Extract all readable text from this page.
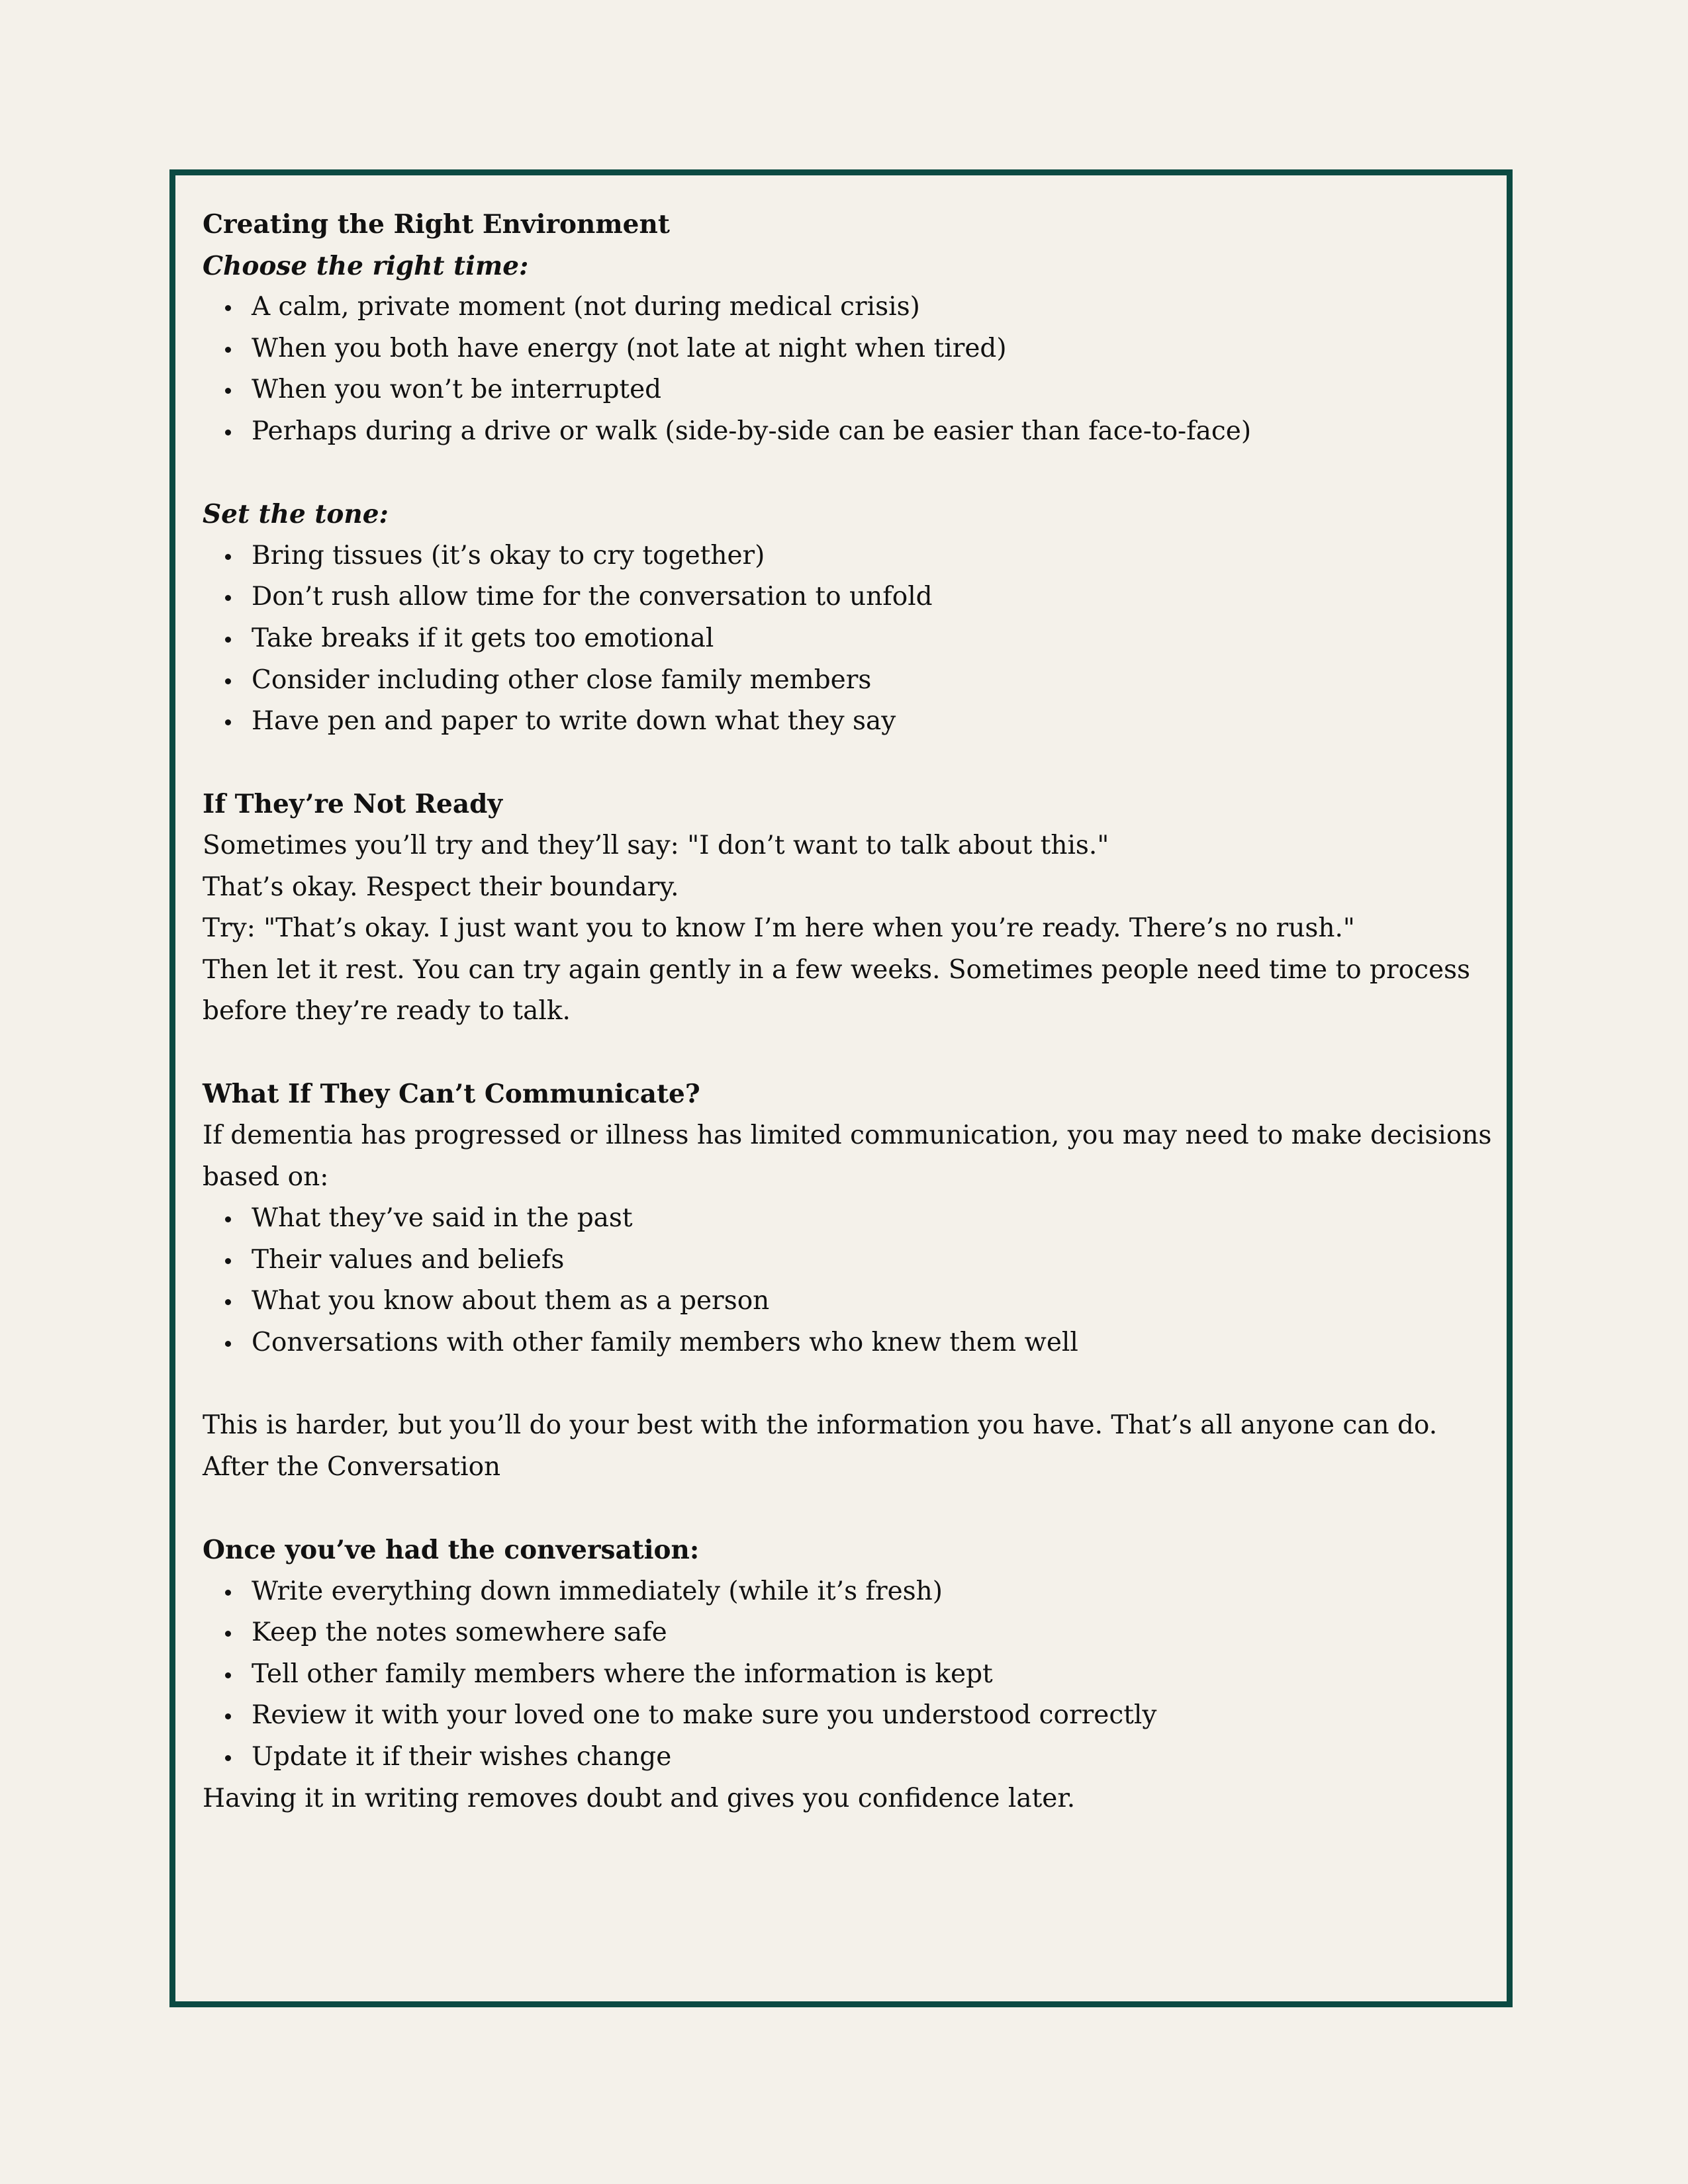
Creating the Right Environment

Choose the right time:

A calm, private moment (not during medical crisis)
When you both have energy (not late at night when tired)
When you won’t be interrupted
Perhaps during a drive or walk (side-by-side can be easier than face-to-face)

Set the tone:

Bring tissues (it’s okay to cry together)
Don’t rush allow time for the conversation to unfold
Take breaks if it gets too emotional
Consider including other close family members
Have pen and paper to write down what they say

If They’re Not Ready

Sometimes you’ll try and they’ll say: "I don’t want to talk about this."

That’s okay. Respect their boundary.

Try: "That’s okay. I just want you to know I’m here when you’re ready. There’s no rush."

Then let it rest. You can try again gently in a few weeks. Sometimes people need time to process before they’re ready to talk.

What If They Can’t Communicate?

If dementia has progressed or illness has limited communication, you may need to make decisions based on:

What they’ve said in the past
Their values and beliefs
What you know about them as a person
Conversations with other family members who knew them well

This is harder, but you’ll do your best with the information you have. That’s all anyone can do.

After the Conversation

Once you’ve had the conversation:

Write everything down immediately (while it’s fresh)
Keep the notes somewhere safe
Tell other family members where the information is kept
Review it with your loved one to make sure you understood correctly
Update it if their wishes change

Having it in writing removes doubt and gives you confidence later.
